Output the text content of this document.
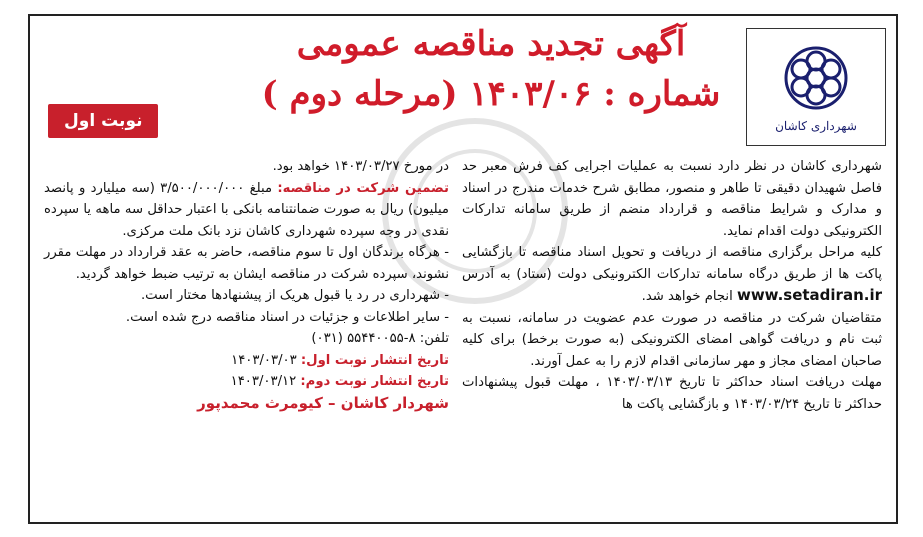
شهرداری کاشان
آگهی تجدید مناقصه عمومی
شماره : ۱۴۰۳/۰۶ (مرحله دوم )
نوبت اول

شهرداری کاشان در نظر دارد نسبت به عملیات اجرایی کف فرش معبر حد فاصل شهیدان دقیقی تا طاهر و منصور، مطابق شرح خدمات مندرج در اسناد و مدارک و شرایط مناقصه و قرارداد منضم از طریق سامانه تدارکات الکترونیکی دولت اقدام نماید.

کلیه مراحل برگزاری مناقصه از دریافت و تحویل اسناد مناقصه تا بازگشایی پاکت ها از طریق درگاه سامانه تدارکات الکترونیکی دولت (ستاد) به آدرس www.setadiran.ir انجام خواهد شد.

متقاضیان شرکت در مناقصه در صورت عدم عضویت در سامانه، نسبت به ثبت نام و دریافت گواهی امضای الکترونیکی (به صورت برخط) برای کلیه صاحبان امضای مجاز و مهر سازمانی اقدام لازم را به عمل آورند.

مهلت دریافت اسناد حداکثر تا تاریخ ۱۴۰۳/۰۳/۱۳ ، مهلت قبول پیشنهادات حداکثر تا تاریخ ۱۴۰۳/۰۳/۲۴ و بازگشایی پاکت ها

در مورخ ۱۴۰۳/۰۳/۲۷ خواهد بود.

تضمین شرکت در مناقصه: مبلغ ۳/۵۰۰/۰۰۰/۰۰۰ (سه میلیارد و پانصد میلیون) ریال به صورت ضمانتنامه بانکی با اعتبار حداقل سه ماهه یا سپرده نقدی در وجه سپرده شهرداری کاشان نزد بانک ملت مرکزی.

- هرگاه برندگان اول تا سوم مناقصه، حاضر به عقد قرارداد در مهلت مقرر نشوند، سپرده شرکت در مناقصه ایشان به ترتیب ضبط خواهد گردید.

- شهرداری در رد یا قبول هریک از پیشنهادها مختار است.

- سایر اطلاعات و جزئیات در اسناد مناقصه درج شده است.

تلفن: ۸-۵۵۴۴۰۰۵۵ (۰۳۱)

تاریخ انتشار نوبت اول: ۱۴۰۳/۰۳/۰۳

تاریخ انتشار نوبت دوم: ۱۴۰۳/۰۳/۱۲

شهردار کاشان – کیومرث محمدپور
